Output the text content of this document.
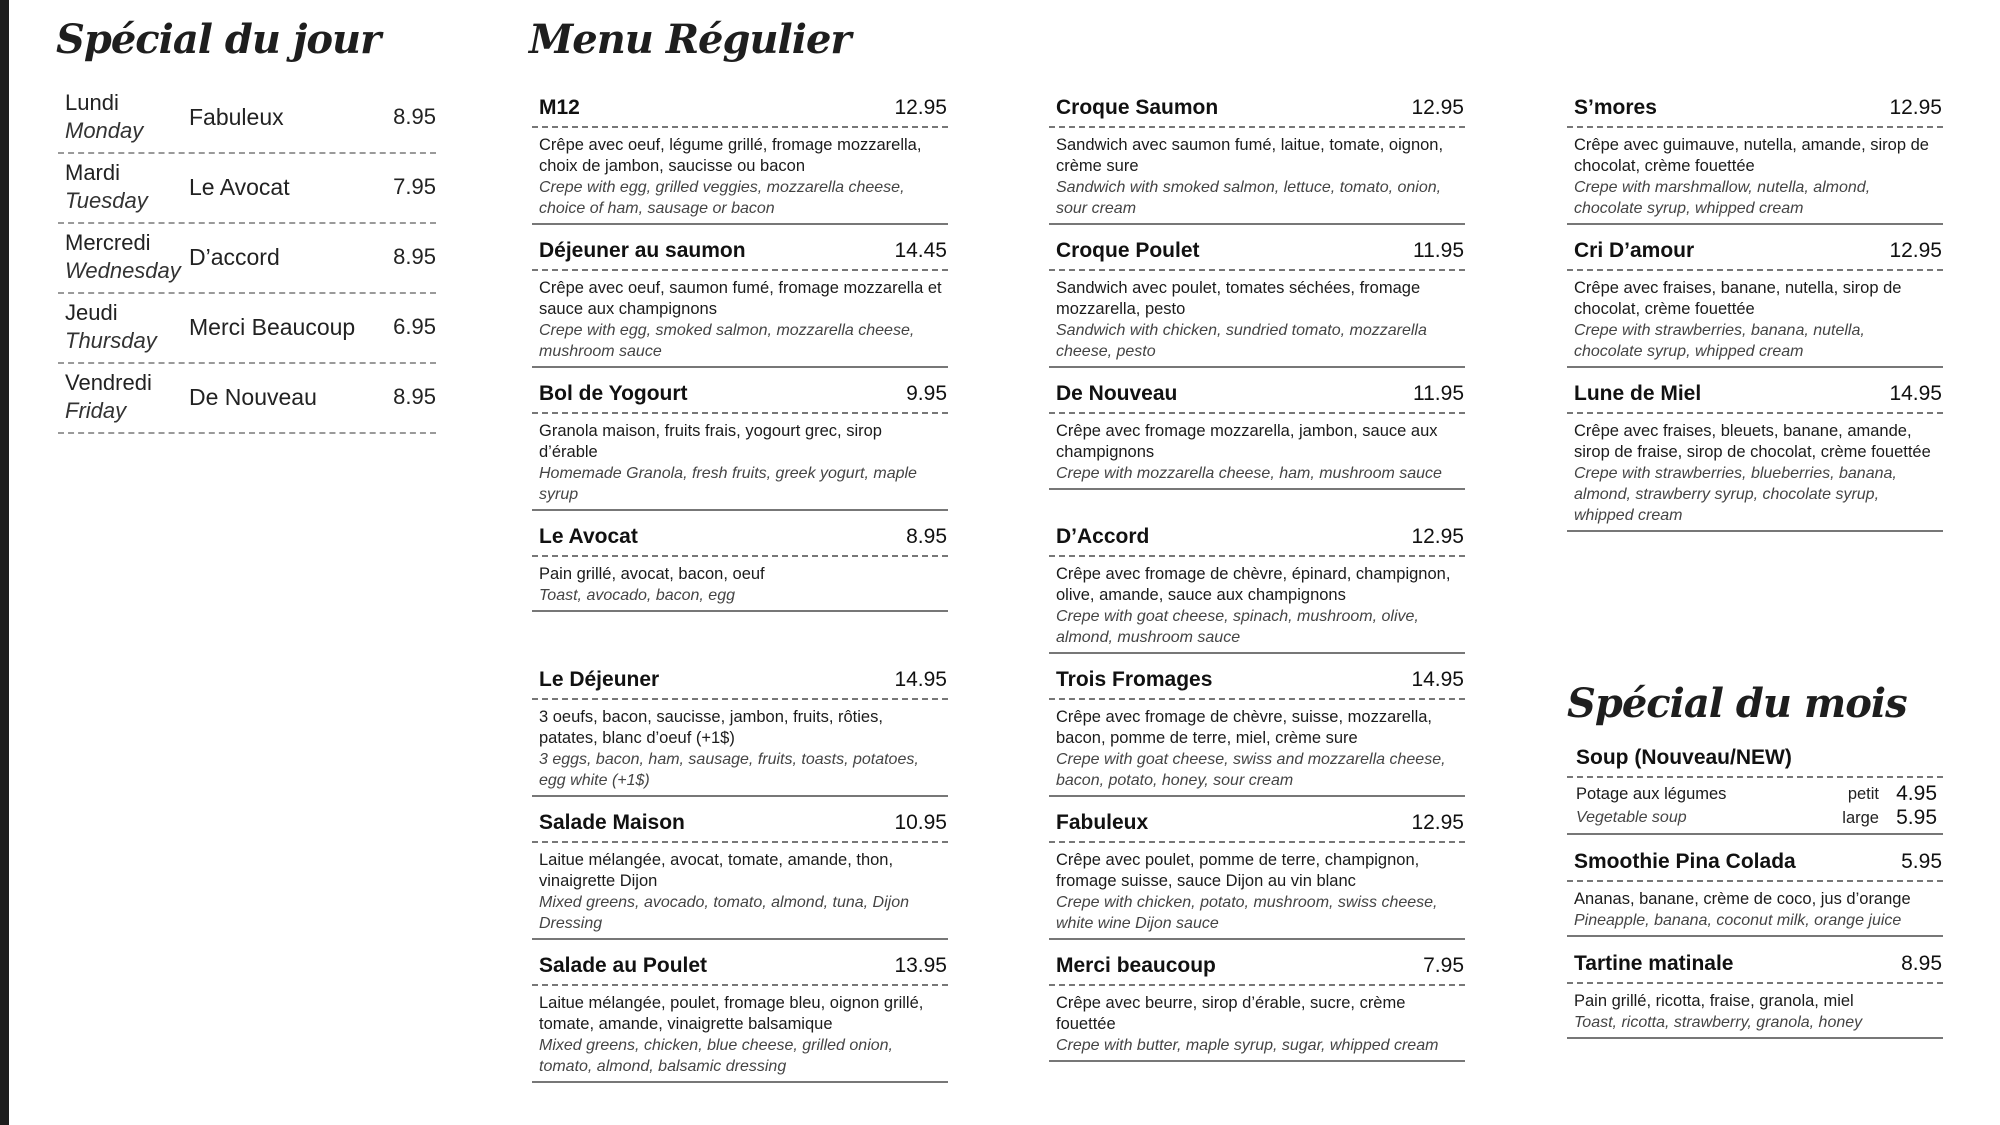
Spécial du jour
Lundi
Monday
Fabuleux	8.95
Mardi
Tuesday
Le Avocat	7.95
Mercredi
Wednesday
D’accord	8.95
Jeudi
Thursday
Merci Beaucoup 6.95
Vendredi
Friday
De Nouveau	8.95
Menu Régulier
M12	12.95
Crêpe avec oeuf, légume grillé, fromage mozzarella, choix de jambon, saucisse ou bacon
Crepe with egg, grilled veggies, mozzarella cheese, choice of ham, sausage or bacon
Déjeuner au saumon	14.45
Crêpe avec oeuf, saumon fumé, fromage mozzarella et sauce aux champignons
Crepe with egg, smoked salmon, mozzarella cheese, mushroom sauce
Bol de Yogourt	9.95
Granola maison, fruits frais, yogourt grec, sirop d’érable
Homemade Granola, fresh fruits, greek yogurt, maple syrup
Le Avocat	8.95
Pain grillé, avocat, bacon, oeuf
Toast, avocado, bacon, egg
Le Déjeuner	14.95
3 oeufs, bacon, saucisse, jambon, fruits, rôties, patates, blanc d’oeuf (+1$)
3 eggs, bacon, ham, sausage, fruits, toasts, potatoes, egg white (+1$)
Salade Maison	10.95
Laitue mélangée, avocat, tomate, amande, thon, vinaigrette Dijon
Mixed greens, avocado, tomato, almond, tuna, Dijon Dressing
Salade au Poulet	13.95
Laitue mélangée, poulet, fromage bleu, oignon grillé, tomate, amande, vinaigrette balsamique
Mixed greens, chicken, blue cheese, grilled onion, tomato, almond, balsamic dressing
Croque Saumon	12.95
Sandwich avec saumon fumé, laitue, tomate, oignon, crème sure
Sandwich with smoked salmon, lettuce, tomato, onion, sour cream
Croque Poulet	11.95
Sandwich avec poulet, tomates séchées, fromage mozzarella, pesto
Sandwich with chicken, sundried tomato, mozzarella cheese, pesto
De Nouveau	11.95
Crêpe avec fromage mozzarella, jambon, sauce aux champignons
Crepe with mozzarella cheese, ham, mushroom sauce
D’Accord	12.95
Crêpe avec fromage de chèvre, épinard, champignon, olive, amande, sauce aux champignons
Crepe with goat cheese, spinach, mushroom, olive, almond, mushroom sauce
Trois Fromages	14.95
Crêpe avec fromage de chèvre, suisse, mozzarella, bacon, pomme de terre, miel, crème sure
Crepe with goat cheese, swiss and mozzarella cheese, bacon, potato, honey, sour cream
Fabuleux	12.95
Crêpe avec poulet, pomme de terre, champignon, fromage suisse, sauce Dijon au vin blanc
Crepe with chicken, potato, mushroom, swiss cheese, white wine Dijon sauce
Merci beaucoup	7.95
Crêpe avec beurre, sirop d’érable, sucre, crème fouettée
Crepe with butter, maple syrup, sugar, whipped cream
S’mores	12.95
Crêpe avec guimauve, nutella, amande, sirop de chocolat, crème fouettée
Crepe with marshmallow, nutella, almond, chocolate syrup, whipped cream
Cri D’amour	12.95
Crêpe avec fraises, banane, nutella, sirop de chocolat, crème fouettée
Crepe with strawberries, banana, nutella, chocolate syrup, whipped cream
Lune de Miel	14.95
Crêpe avec fraises, bleuets, banane, amande, sirop de fraise, sirop de chocolat, crème fouettée
Crepe with strawberries, blueberries, banana, almond, strawberry syrup, chocolate syrup, whipped cream
Spécial du mois
Soup (Nouveau/NEW)
Potage aux légumes	petit 4.95
Vegetable soup	large 5.95
Smoothie Pina Colada	5.95
Ananas, banane, crème de coco, jus d’orange
Pineapple, banana, coconut milk, orange juice
Tartine matinale	8.95
Pain grillé, ricotta, fraise, granola, miel
Toast, ricotta, strawberry, granola, honey
